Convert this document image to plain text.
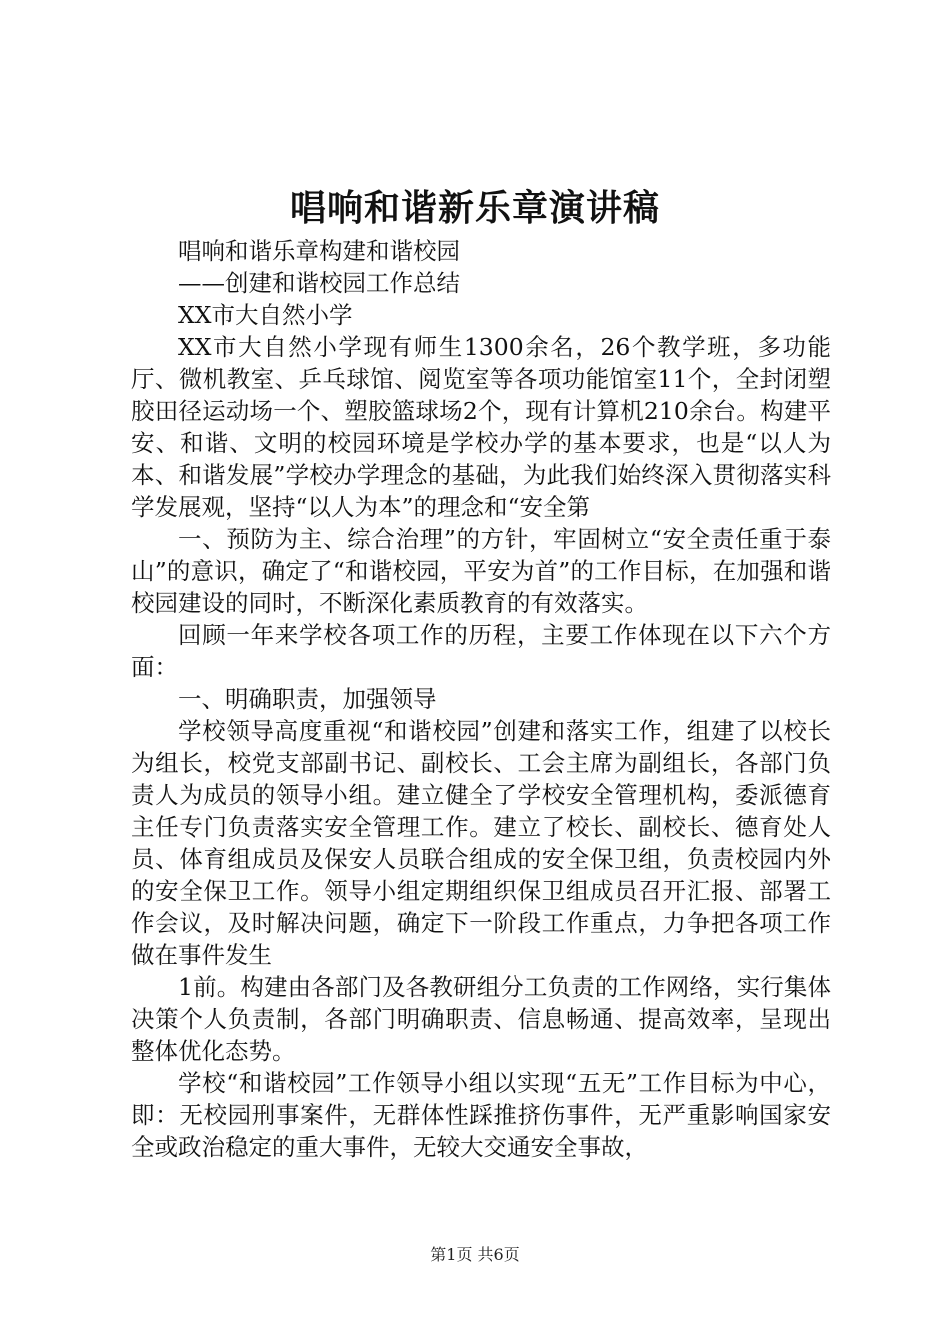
唱响和谐新乐章演讲稿

唱响和谐乐章构建和谐校园

——创建和谐校园工作总结

XX市大自然小学

XX市大自然小学现有师生1300余名，26个教学班，多功能厅、微机教室、乒乓球馆、阅览室等各项功能馆室11个，全封闭塑胶田径运动场一个、塑胶篮球场2个，现有计算机210余台。构建平安、和谐、文明的校园环境是学校办学的基本要求，也是“以人为本、和谐发展”学校办学理念的基础，为此我们始终深入贯彻落实科学发展观，坚持“以人为本”的理念和“安全第

一、预防为主、综合治理”的方针，牢固树立“安全责任重于泰山”的意识，确定了“和谐校园，平安为首”的工作目标，在加强和谐校园建设的同时，不断深化素质教育的有效落实。

回顾一年来学校各项工作的历程，主要工作体现在以下六个方面：

一、明确职责，加强领导

学校领导高度重视“和谐校园”创建和落实工作，组建了以校长为组长，校党支部副书记、副校长、工会主席为副组长，各部门负责人为成员的领导小组。建立健全了学校安全管理机构，委派德育主任专门负责落实安全管理工作。建立了校长、副校长、德育处人员、体育组成员及保安人员联合组成的安全保卫组，负责校园内外的安全保卫工作。领导小组定期组织保卫组成员召开汇报、部署工作会议，及时解决问题，确定下一阶段工作重点，力争把各项工作做在事件发生

1前。构建由各部门及各教研组分工负责的工作网络，实行集体决策个人负责制，各部门明确职责、信息畅通、提高效率，呈现出整体优化态势。

学校“和谐校园”工作领导小组以实现“五无”工作目标为中心，即：无校园刑事案件，无群体性踩推挤伤事件，无严重影响国家安全或政治稳定的重大事件，无较大交通安全事故，

第1页 共6页
